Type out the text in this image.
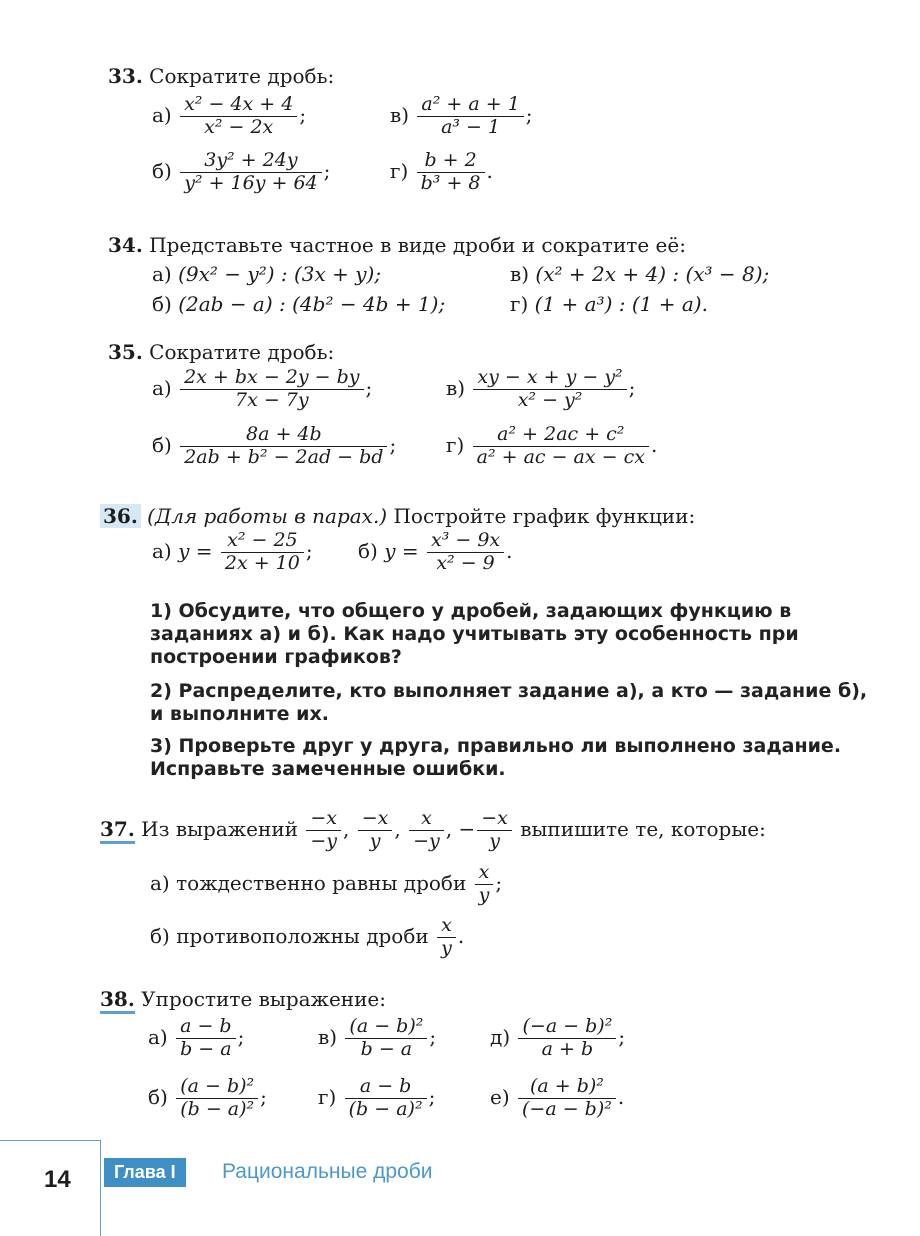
33. Сократите дробь:
$а) \frac{\text{x² − 4x + 4}}{\text{x² − 2x}}$ ;	$в) \frac{\text{a² + a + 1}}{\text{a³ − 1}}$ ;
$б) \frac{\text{3y² + 24y}}{\text{y² + 16y + 64}}$ ;	$г) \frac{b + 2}{\text{b³ + 8}}$ .
34. Представьте частное в виде дроби и сократите её:
а) (9x² − y²) : (3x + y);	в) (x² + 2x + 4) : (x³ − 8);
б) (2ab − a) : (4b² − 4b + 1);	г) (1 + a³) : (1 + a).
35. Сократите дробь:
$а) \frac{2x + bx - 2y - by}{7x - 7y}$ ;	$в) \frac{\text{xy − x + y − y²}}{\text{x² − y²}}$ ;
$б) \frac{8a + 4b}{\text{2ab + b² − 2ad − bd}}$ ; $г) \frac{\text{a² + 2ac + c²}}{\text{a² + ac − ax − cx}}$ .
36. (Для работы в парах.) Постройте график функции:
а) $y = \frac{\text{x² − 25}}{2x + 10}$ ; б) $y = \frac{\text{x³ − 9x}}{\text{x² − 9}}$ .
1) Обсудите, что общего у дробей, задающих функцию в заданиях а) и б). Как надо учитывать эту особенность при построении графиков?
2) Распределите, кто выполняет задание а), а кто — задание б), и выполните их.
3) Проверьте друг у друга, правильно ли выполнено задание. Исправьте замеченные ошибки.
37. Из выражений $\frac{-x}{-y}$ , $\frac{-x}{y}$ , $\frac{x}{-y}$ , − $\frac{-x}{y}$ выпишите те, которые:
а) тождественно равны дроби $\frac{x}{y}$ ;
б) противоположны дроби $\frac{x}{y}$ .
38. Упростите выражение:
$а) \frac{a - b}{b - a}$ ;	$в) \frac{\text{(a − b)²}}{b - a}$ ;	$д) \frac{\text{(−a − b)²}}{a + b}$ ;
$б) \frac{\text{(a − b)²}}{\text{(b − a)²}}$ ;	$г) \frac{a - b}{\text{(b − a)²}}$ ;	$е) \frac{\text{(a + b)²}}{\text{(−a − b)²}}$ .
14	Глава I	Рациональные дроби
